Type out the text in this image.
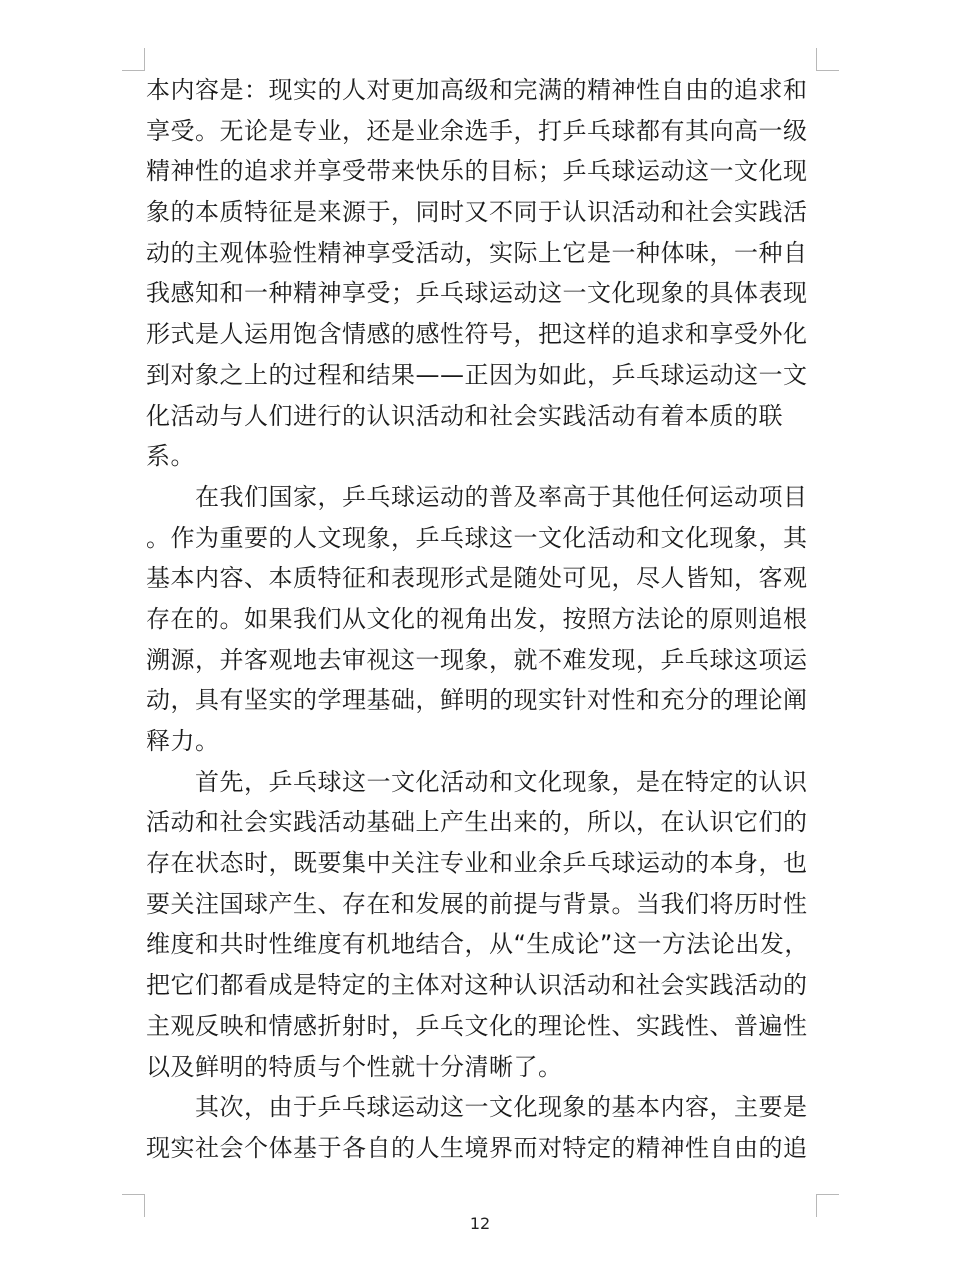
本内容是：现实的人对更加高级和完满的精神性自由的追求和
享受。无论是专业，还是业余选手，打乒乓球都有其向高一级
精神性的追求并享受带来快乐的目标；乒乓球运动这一文化现
象的本质特征是来源于，同时又不同于认识活动和社会实践活
动的主观体验性精神享受活动，实际上它是一种体味，一种自
我感知和一种精神享受；乒乓球运动这一文化现象的具体表现
形式是人运用饱含情感的感性符号，把这样的追求和享受外化
到对象之上的过程和结果——正因为如此，乒乓球运动这一文
化活动与人们进行的认识活动和社会实践活动有着本质的联
系。
　　在我们国家，乒乓球运动的普及率高于其他任何运动项目
。作为重要的人文现象，乒乓球这一文化活动和文化现象，其
基本内容、本质特征和表现形式是随处可见，尽人皆知，客观
存在的。如果我们从文化的视角出发，按照方法论的原则追根
溯源，并客观地去审视这一现象，就不难发现，乒乓球这项运
动，具有坚实的学理基础，鲜明的现实针对性和充分的理论阐
释力。
　　首先，乒乓球这一文化活动和文化现象，是在特定的认识
活动和社会实践活动基础上产生出来的，所以，在认识它们的
存在状态时，既要集中关注专业和业余乒乓球运动的本身，也
要关注国球产生、存在和发展的前提与背景。当我们将历时性
维度和共时性维度有机地结合，从“生成论”这一方法论出发，
把它们都看成是特定的主体对这种认识活动和社会实践活动的
主观反映和情感折射时，乒乓文化的理论性、实践性、普遍性
以及鲜明的特质与个性就十分清晰了。
　　其次，由于乒乓球运动这一文化现象的基本内容，主要是
现实社会个体基于各自的人生境界而对特定的精神性自由的追
12
